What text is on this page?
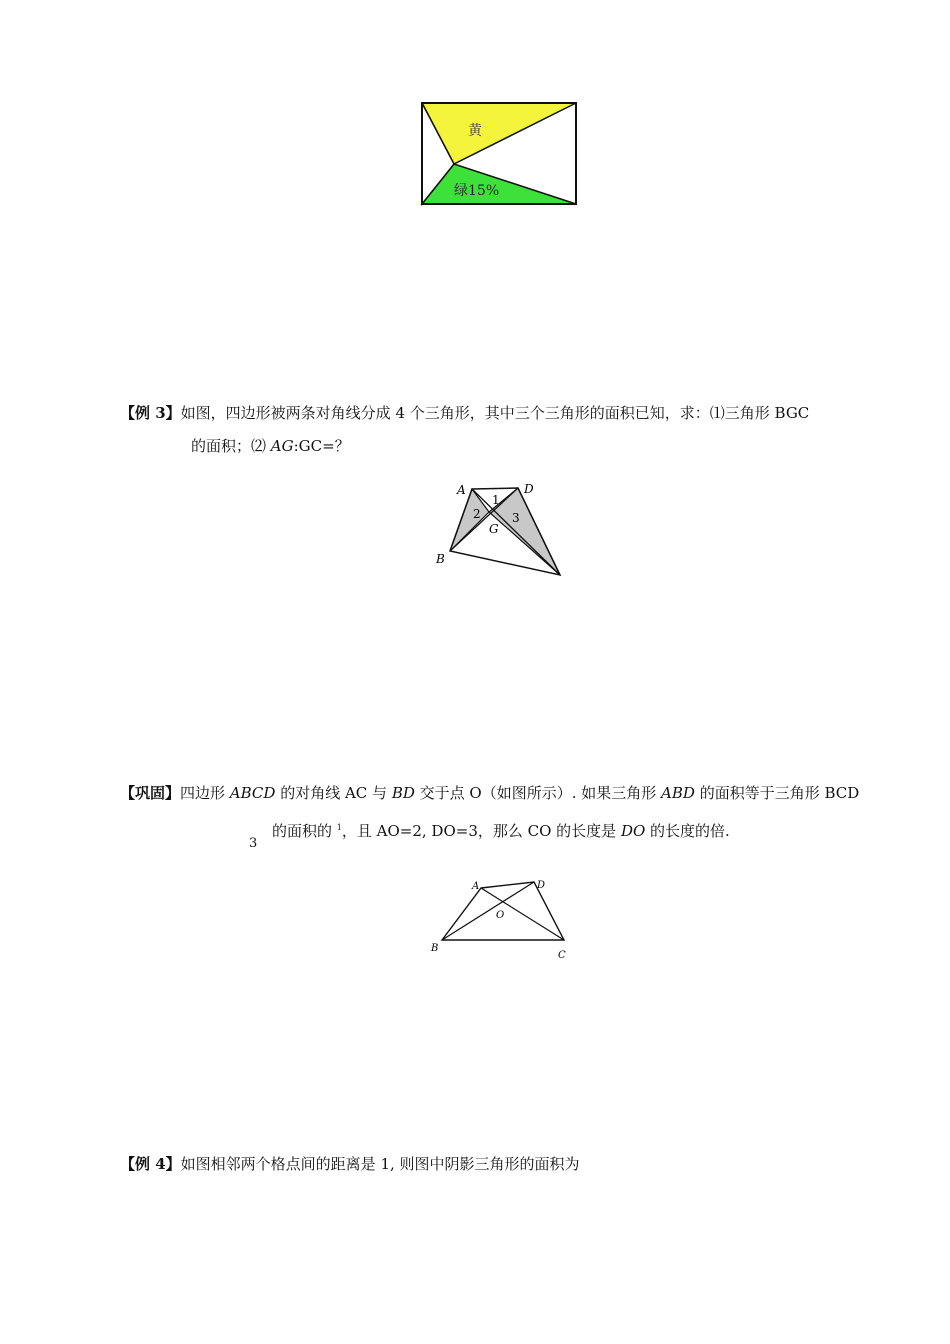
黄
绿15%
【例 3】如图，四边形被两条对角线分成 4 个三角形，其中三个三角形的面积已知，求：⑴三角形 BGC
的面积；⑵ AG:GC=？
A	D
B
G
1
2	3
【巩固】四边形 ABCD 的对角线 AC 与 BD 交于点 O（如图所示）. 如果三角形 ABD 的面积等于三角形 BCD
的面积的 $^1$，且 AO=2, DO=3，那么 CO 的长度是 DO 的长度的倍.
3
A	D
B
C
O
【例 4】如图相邻两个格点间的距离是 1, 则图中阴影三角形的面积为
